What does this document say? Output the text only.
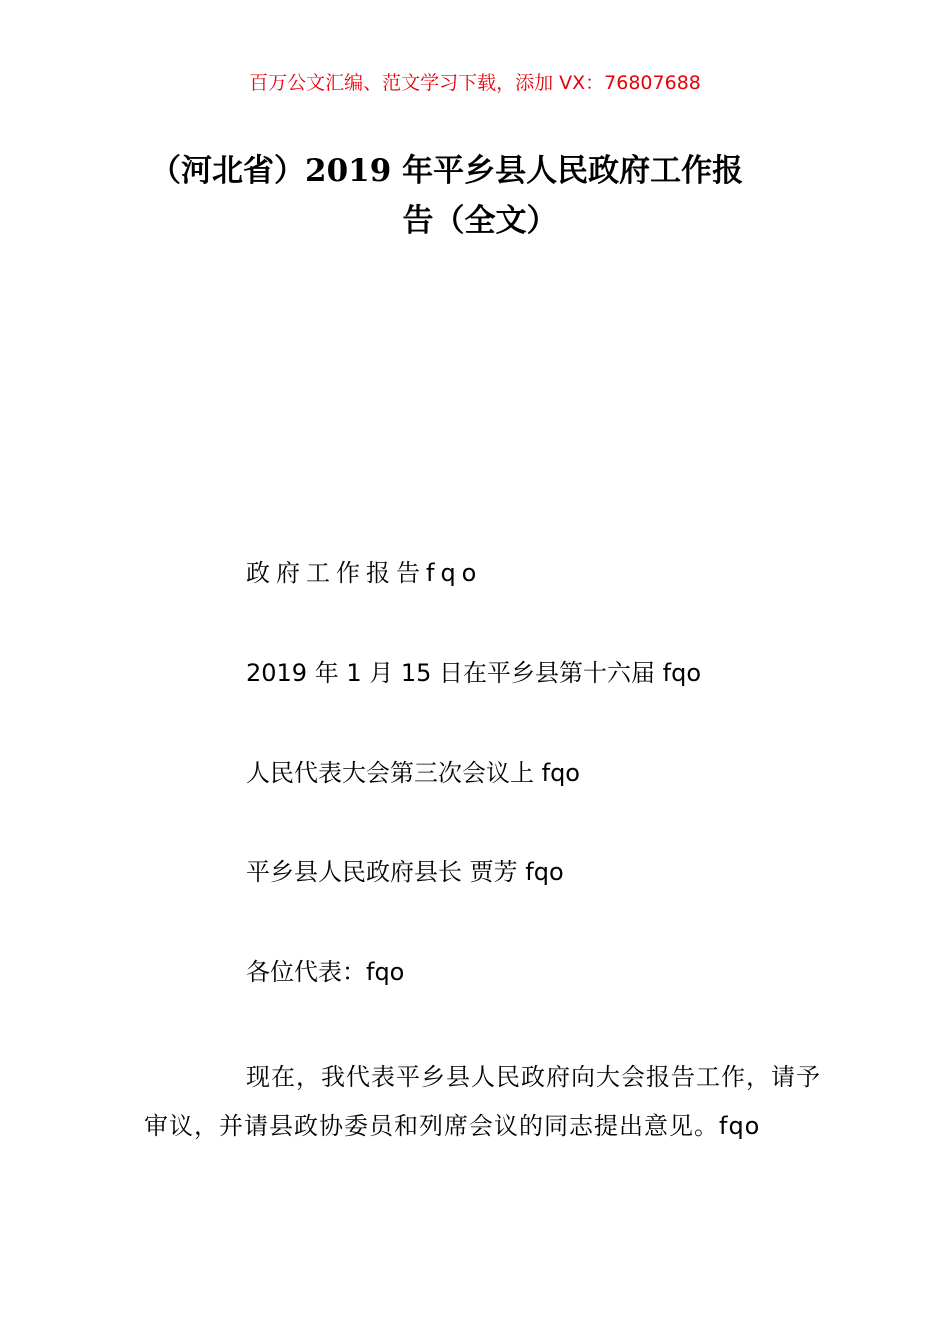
百万公文汇编、范文学习下载，添加 VX：76807688
（河北省）2019 年平乡县人民政府工作报
告（全文）
政府工作报告fqo
2019 年 1 月 15 日在平乡县第十六届 fqo
人民代表大会第三次会议上 fqo
平乡县人民政府县长 贾芳 fqo
各位代表：fqo
现在，我代表平乡县人民政府向大会报告工作，请予审议，并请县政协委员和列席会议的同志提出意见。fqo
